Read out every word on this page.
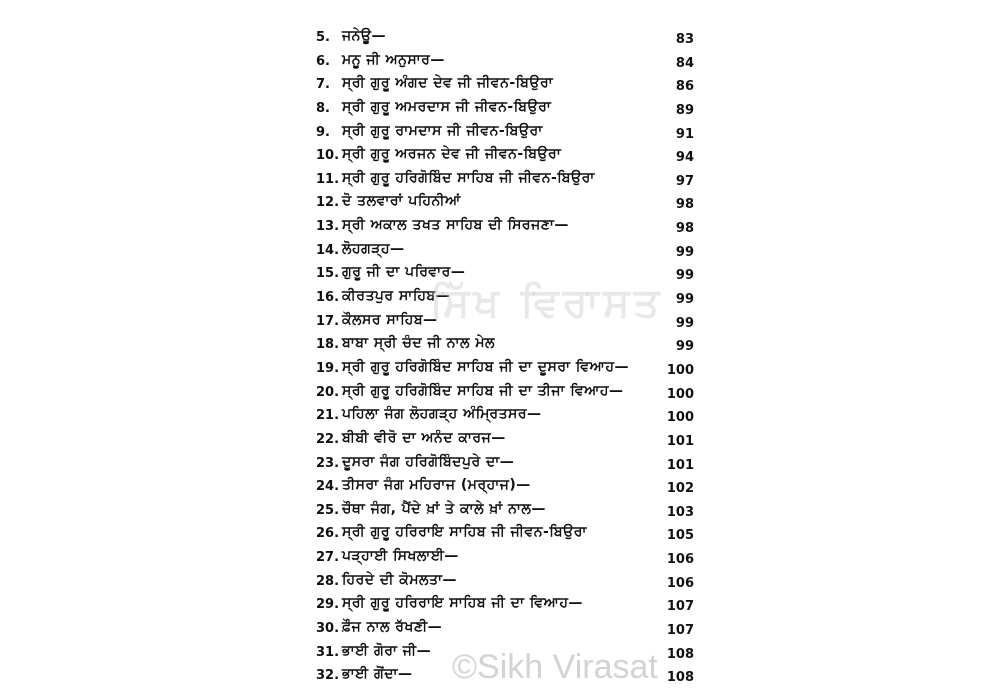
5. ਜਨੇਊ—	83
6. ਮਨੂ ਜੀ ਅਨੁਸਾਰ—	84
7. ਸ੍ਰੀ ਗੁਰੂ ਅੰਗਦ ਦੇਵ ਜੀ ਜੀਵਨ-ਬਿਉਰਾ	86
8. ਸ੍ਰੀ ਗੁਰੂ ਅਮਰਦਾਸ ਜੀ ਜੀਵਨ-ਬਿਉਰਾ	89
9. ਸ੍ਰੀ ਗੁਰੂ ਰਾਮਦਾਸ ਜੀ ਜੀਵਨ-ਬਿਉਰਾ	91
10. ਸ੍ਰੀ ਗੁਰੂ ਅਰਜਨ ਦੇਵ ਜੀ ਜੀਵਨ-ਬਿਉਰਾ	94
11. ਸ੍ਰੀ ਗੁਰੂ ਹਰਿਗੋਬਿੰਦ ਸਾਹਿਬ ਜੀ ਜੀਵਨ-ਬਿਉਰਾ	97
12. ਦੋ ਤਲਵਾਰਾਂ ਪਹਿਨੀਆਂ	98
13. ਸ੍ਰੀ ਅਕਾਲ ਤਖਤ ਸਾਹਿਬ ਦੀ ਸਿਰਜਣਾ—	98
14. ਲੋਹਗੜ੍ਹ—	99
15. ਗੁਰੂ ਜੀ ਦਾ ਪਰਿਵਾਰ—	99
16. ਕੀਰਤਪੁਰ ਸਾਹਿਬ—	99
17. ਕੌਲਸਰ ਸਾਹਿਬ—	99
18. ਬਾਬਾ ਸ੍ਰੀ ਚੰਦ ਜੀ ਨਾਲ ਮੇਲ	99
19. ਸ੍ਰੀ ਗੁਰੂ ਹਰਿਗੋਬਿੰਦ ਸਾਹਿਬ ਜੀ ਦਾ ਦੂਸਰਾ ਵਿਆਹ—	100
20. ਸ੍ਰੀ ਗੁਰੂ ਹਰਿਗੋਬਿੰਦ ਸਾਹਿਬ ਜੀ ਦਾ ਤੀਜਾ ਵਿਆਹ—	100
21. ਪਹਿਲਾ ਜੰਗ ਲੋਹਗੜ੍ਹ ਅੰਮ੍ਰਿਤਸਰ—	100
22. ਬੀਬੀ ਵੀਰੋ ਦਾ ਅਨੰਦ ਕਾਰਜ—	101
23. ਦੂਸਰਾ ਜੰਗ ਹਰਿਗੋਬਿੰਦਪੁਰੇ ਦਾ—	101
24. ਤੀਸਰਾ ਜੰਗ ਮਹਿਰਾਜ (ਮਰ੍ਹਾਜ)—	102
25. ਚੌਥਾ ਜੰਗ, ਪੈਂਦੇ ਖ਼ਾਂ ਤੇ ਕਾਲੇ ਖ਼ਾਂ ਨਾਲ—	103
26. ਸ੍ਰੀ ਗੁਰੂ ਹਰਿਰਾਇ ਸਾਹਿਬ ਜੀ ਜੀਵਨ-ਬਿਉਰਾ	105
27. ਪੜ੍ਹਾਈ ਸਿਖਲਾਈ—	106
28. ਹਿਰਦੇ ਦੀ ਕੋਮਲਤਾ—	106
29. ਸ੍ਰੀ ਗੁਰੂ ਹਰਿਰਾਇ ਸਾਹਿਬ ਜੀ ਦਾ ਵਿਆਹ—	107
30. ਫ਼ੌਜ ਨਾਲ ਰੱਖਣੀ—	107
31. ਭਾਈ ਗੋਰਾ ਜੀ—	108
32. ਭਾਈ ਗੋਂਦਾ—	108
ਸਿੱਖ ਵਿਰਾਸਤ
©Sikh Virasat
